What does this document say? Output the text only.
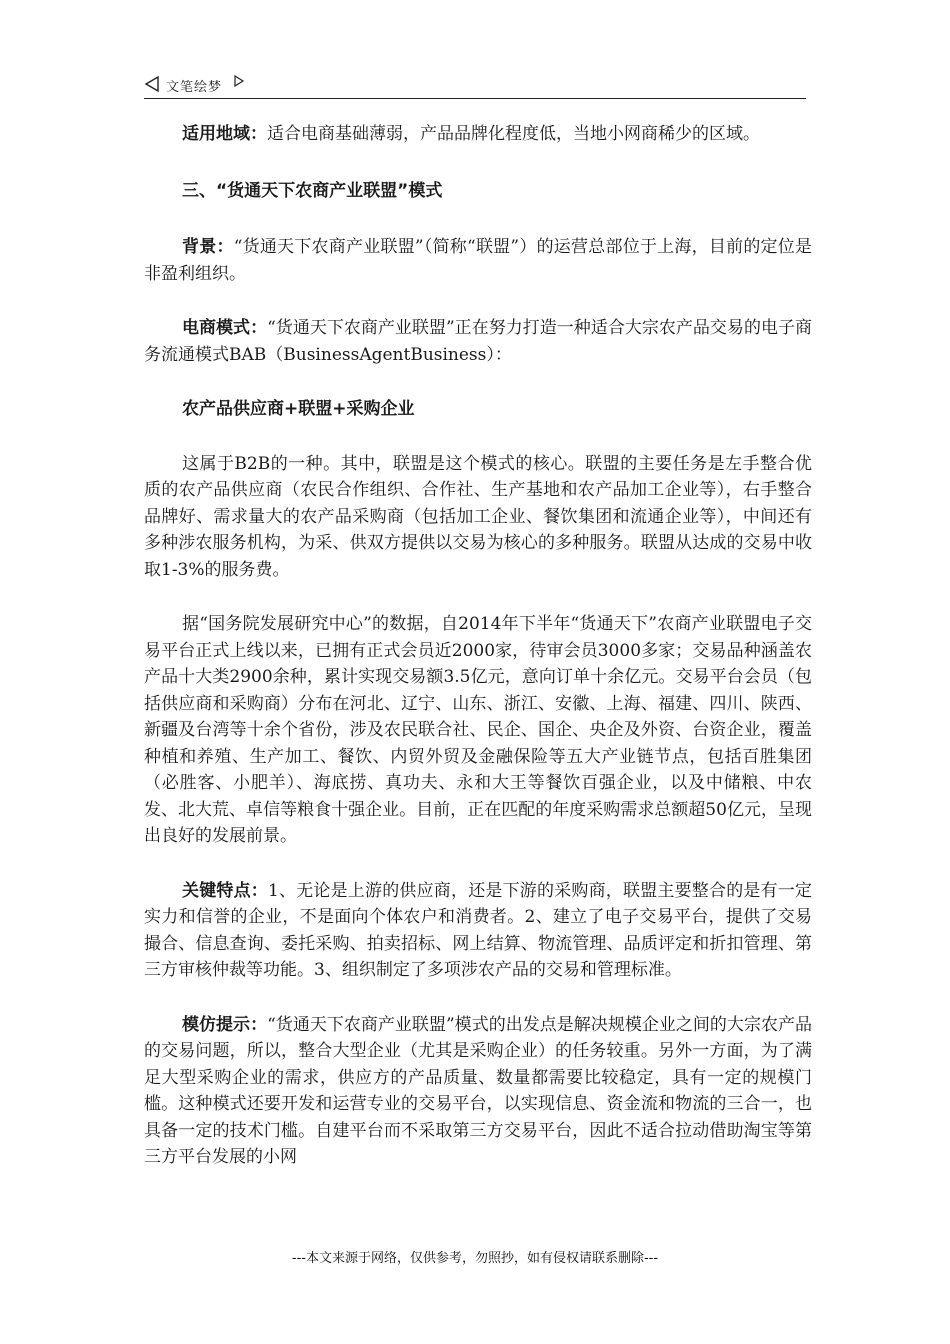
文笔绘梦

适用地域：适合电商基础薄弱，产品品牌化程度低，当地小网商稀少的区域。

三、“货通天下农商产业联盟”模式

背景：“货通天下农商产业联盟”（简称“联盟”）的运营总部位于上海，目前的定位是非盈利组织。

电商模式：“货通天下农商产业联盟”正在努力打造一种适合大宗农产品交易的电子商务流通模式BAB（BusinessAgentBusiness）：

农产品供应商+联盟+采购企业

这属于B2B的一种。其中，联盟是这个模式的核心。联盟的主要任务是左手整合优质的农产品供应商（农民合作组织、合作社、生产基地和农产品加工企业等），右手整合品牌好、需求量大的农产品采购商（包括加工企业、餐饮集团和流通企业等），中间还有多种涉农服务机构，为采、供双方提供以交易为核心的多种服务。联盟从达成的交易中收取1-3%的服务费。

据“国务院发展研究中心”的数据，自2014年下半年“货通天下”农商产业联盟电子交易平台正式上线以来，已拥有正式会员近2000家，待审会员3000多家；交易品种涵盖农产品十大类2900余种，累计实现交易额3.5亿元，意向订单十余亿元。交易平台会员（包括供应商和采购商）分布在河北、辽宁、山东、浙江、安徽、上海、福建、四川、陕西、新疆及台湾等十余个省份，涉及农民联合社、民企、国企、央企及外资、台资企业，覆盖种植和养殖、生产加工、餐饮、内贸外贸及金融保险等五大产业链节点，包括百胜集团（必胜客、小肥羊）、海底捞、真功夫、永和大王等餐饮百强企业，以及中储粮、中农发、北大荒、卓信等粮食十强企业。目前，正在匹配的年度采购需求总额超50亿元，呈现出良好的发展前景。

关键特点：1、无论是上游的供应商，还是下游的采购商，联盟主要整合的是有一定实力和信誉的企业，不是面向个体农户和消费者。2、建立了电子交易平台，提供了交易撮合、信息查询、委托采购、拍卖招标、网上结算、物流管理、品质评定和折扣管理、第三方审核仲裁等功能。3、组织制定了多项涉农产品的交易和管理标准。

模仿提示：“货通天下农商产业联盟”模式的出发点是解决规模企业之间的大宗农产品的交易问题，所以，整合大型企业（尤其是采购企业）的任务较重。另外一方面，为了满足大型采购企业的需求，供应方的产品质量、数量都需要比较稳定，具有一定的规模门槛。这种模式还要开发和运营专业的交易平台，以实现信息、资金流和物流的三合一，也具备一定的技术门槛。自建平台而不采取第三方交易平台，因此不适合拉动借助淘宝等第三方平台发展的小网

---本文来源于网络，仅供参考，勿照抄，如有侵权请联系删除---
